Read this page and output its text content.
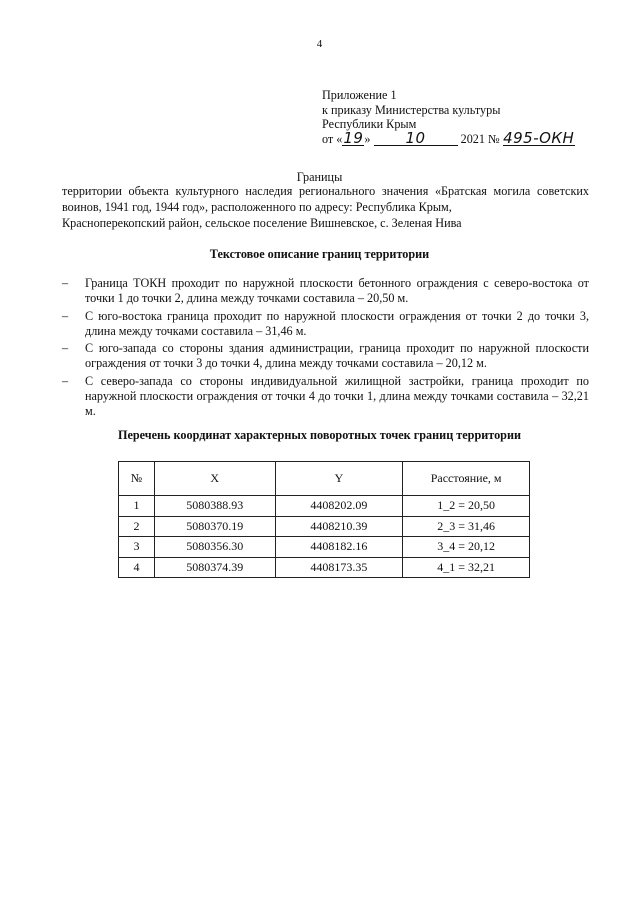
4
Приложение 1
к приказу Министерства культуры
Республики Крым
от «19» 10	2021 № 495-ОКН
Границы
территории объекта культурного наследия регионального значения «Братская могила советских воинов, 1941 год, 1944 год», расположенного по адресу: Республика Крым,
Красноперекопский район, сельское поселение Вишневское, с. Зеленая Нива
Текстовое описание границ территории
– Граница ТОКН проходит по наружной плоскости бетонного ограждения с северо-востока от точки 1 до точки 2, длина между точками составила – 20,50 м.
– С юго-востока граница проходит по наружной плоскости ограждения от точки 2 до точки 3, длина между точками составила – 31,46 м.
– С юго-запада со стороны здания администрации, граница проходит по наружной плоскости ограждения от точки 3 до точки 4, длина между точками составила – 20,12 м.
– С северо-запада со стороны индивидуальной жилищной застройки, граница проходит по наружной плоскости ограждения от точки 4 до точки 1, длина между точками составила – 32,21 м.
Перечень координат характерных поворотных точек границ территории
№	X	Y	Расстояние, м
1	5080388.93	4408202.09	1_2 = 20,50
2	5080370.19	4408210.39	2_3 = 31,46
3	5080356.30	4408182.16	3_4 = 20,12
4	5080374.39	4408173.35	4_1 = 32,21
